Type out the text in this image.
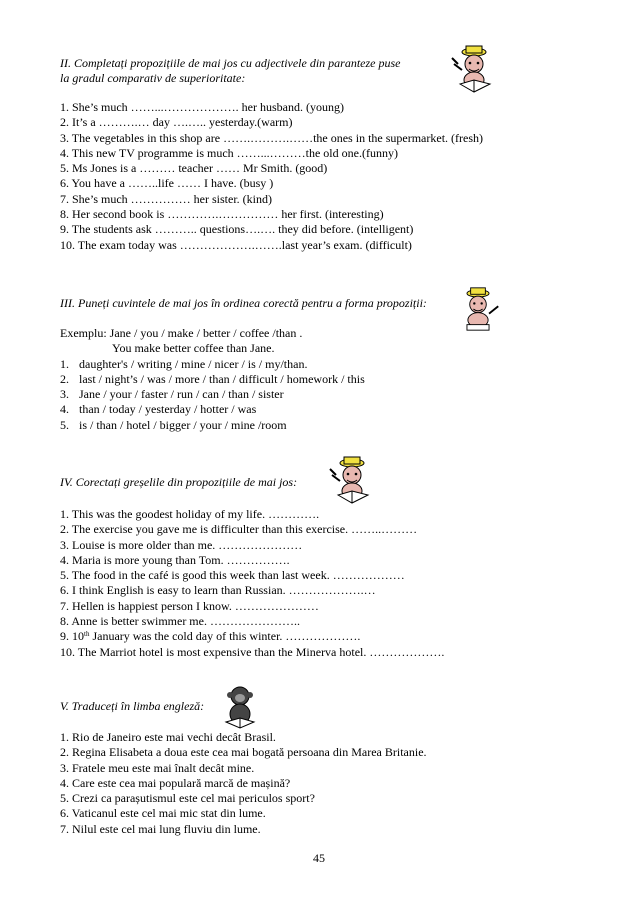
II. Completați propozițiile de mai jos cu adjectivele din paranteze puse
la gradul comparativ de superioritate:
1. She’s much ……...………………. her husband. (young)
2. It’s a ……….… day ….….. yesterday.(warm)
3. The vegetables in this shop are …….……….……the ones in the supermarket. (fresh)
4. This new TV programme is much ……...………the old one.(funny)
5. Ms Jones is a ……… teacher …… Mr Smith. (good)
6. You have a ……..life …… I have. (busy )
7. She’s much …………… her sister. (kind)
8. Her second book is ………….…………… her first. (interesting)
9. The students ask ……….. questions….…. they did before. (intelligent)
10. The exam today was ……………….…….last year’s exam. (difficult)
III. Puneți cuvintele de mai jos în ordinea corectă pentru a forma propoziții:
Exemplu: Jane / you / make / better / coffee /than .
You make better coffee than Jane.
1. daughter's / writing / mine / nicer / is / my/than.
2. last / night’s / was / more / than / difficult / homework / this
3. Jane / your / faster / run / can / than / sister
4. than / today / yesterday / hotter / was
5. is / than / hotel / bigger / your / mine /room
IV. Corectați greșelile din propozițiile de mai jos:
1. This was the goodest holiday of my life. ………….
2. The exercise you gave me is difficulter than this exercise. ……..………
3. Louise is more older than me. …………………
4. Maria is more young than Tom. …………….
5. The food in the café is good this week than last week. ………………
6. I think English is easy to learn than Russian. ……………….…
7. Hellen is happiest person I know. …………………
8. Anne is better swimmer me. …………………..
9. 10th January was the cold day of this winter. ……………….
10. The Marriot hotel is most expensive than the Minerva hotel. ……………….
V. Traduceți în limba engleză:
1. Rio de Janeiro este mai vechi decât Brasil.
2. Regina Elisabeta a doua este cea mai bogată persoana din Marea Britanie.
3. Fratele meu este mai înalt decât mine.
4. Care este cea mai populară marcă de mașină?
5. Crezi ca parașutismul este cel mai periculos sport?
6. Vaticanul este cel mai mic stat din lume.
7. Nilul este cel mai lung fluviu din lume.
45
